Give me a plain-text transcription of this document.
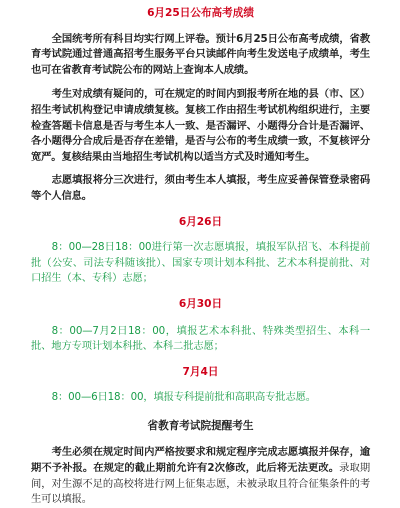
6月25日公布高考成绩
全国统考所有科目均实行网上评卷。预计6月25日公布高考成绩，省教育考试院通过普通高招考生服务平台只读邮件向考生发送电子成绩单，考生也可在省教育考试院公布的网站上查询本人成绩。
考生对成绩有疑问的，可在规定的时间内到报考所在地的县（市、区）招生考试机构登记申请成绩复核。复核工作由招生考试机构组织进行，主要检查答题卡信息是否与考生本人一致、是否漏评、小题得分合计是否漏评、各小题得分合成后是否存在差错，是否与公布的考生成绩一致，不复核评分宽严。复核结果由当地招生考试机构以适当方式及时通知考生。
志愿填报将分三次进行，须由考生本人填报，考生应妥善保管登录密码等个人信息。
6月26日
8：00—28日18：00进行第一次志愿填报，填报军队招飞、本科提前批（公安、司法专科随该批）、国家专项计划本科批、艺术本科提前批、对口招生（本、专科）志愿；
6月30日
8：00—7月2日18：00，填报艺术本科批、特殊类型招生、本科一批、地方专项计划本科批、本科二批志愿；
7月4日
8：00—6日18：00，填报专科提前批和高职高专批志愿。
省教育考试院提醒考生
考生必须在规定时间内严格按要求和规定程序完成志愿填报并保存，逾期不予补报。在规定的截止期前允许有2次修改，此后将无法更改。录取期间，对生源不足的高校将进行网上征集志愿，未被录取且符合征集条件的考生可以填报。
